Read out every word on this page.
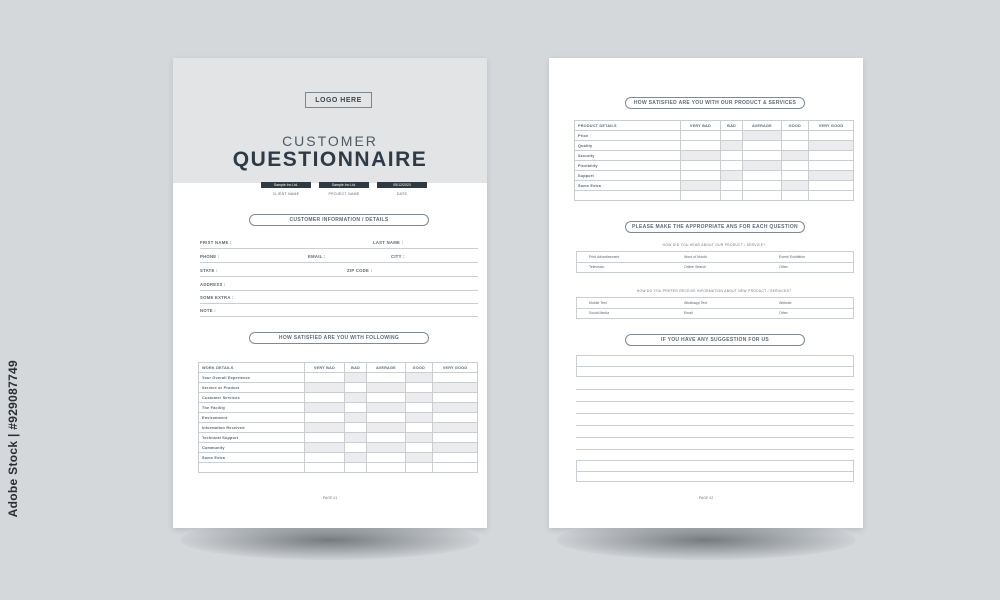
Adobe Stock | #929087749
LOGO HERE
CUSTOMER
QUESTIONNAIRE
Sample Inc Ltd.	Sample Inc Ltd.	05/12/2023
CLIENT NAME	PROJECT NAME	DATE
CUSTOMER INFORMATION / DETAILS
FRIST NAME :	LAST NAME :
PHONE :	EMAIL :	CITY :
STATE :	ZIP CODE :
ADDRESS :
SOME EXTRA :
NOTE :
HOW SATISFIED ARE YOU WITH FOLLOWING
WORK DETAILS	VERY BAD	BAD	AVERAGE	GOOD	VERY GOOD
Your Overall Experience					
Service or Product					
Customer Services					
The Facility					
Environment					
Information Received					
Technical Support					
Community					
Some Extra					

PAGE 01
HOW SATISFIED ARE YOU WITH OUR PRODUCT & SERVICES
PRODUCT DETAILS	VERY BAD	BAD	AVERAGE	GOOD	VERY GOOD
Price					
Quality					
Security					
Flexibility					
Support					
Some Extra					

PLEASE MAKE THE APPROPRIATE ANS FOR EACH QUESTION
HOW DID YOU HEAR ABOUT OUR PRODUCT / SERVICE?
Print Advertisement	Word of Mouth	Event/ Exhibition
Television	Online Search	Other
HOW DO YOU PREFER RECEIVE INFORMATION ABOUT NEW PRODUCT / SERVICES?
Mobile Text	Whatsapp Text	Website
Social Media	Email	Other
IF YOU HAVE ANY SUGGESTION FOR US
PAGE 02
